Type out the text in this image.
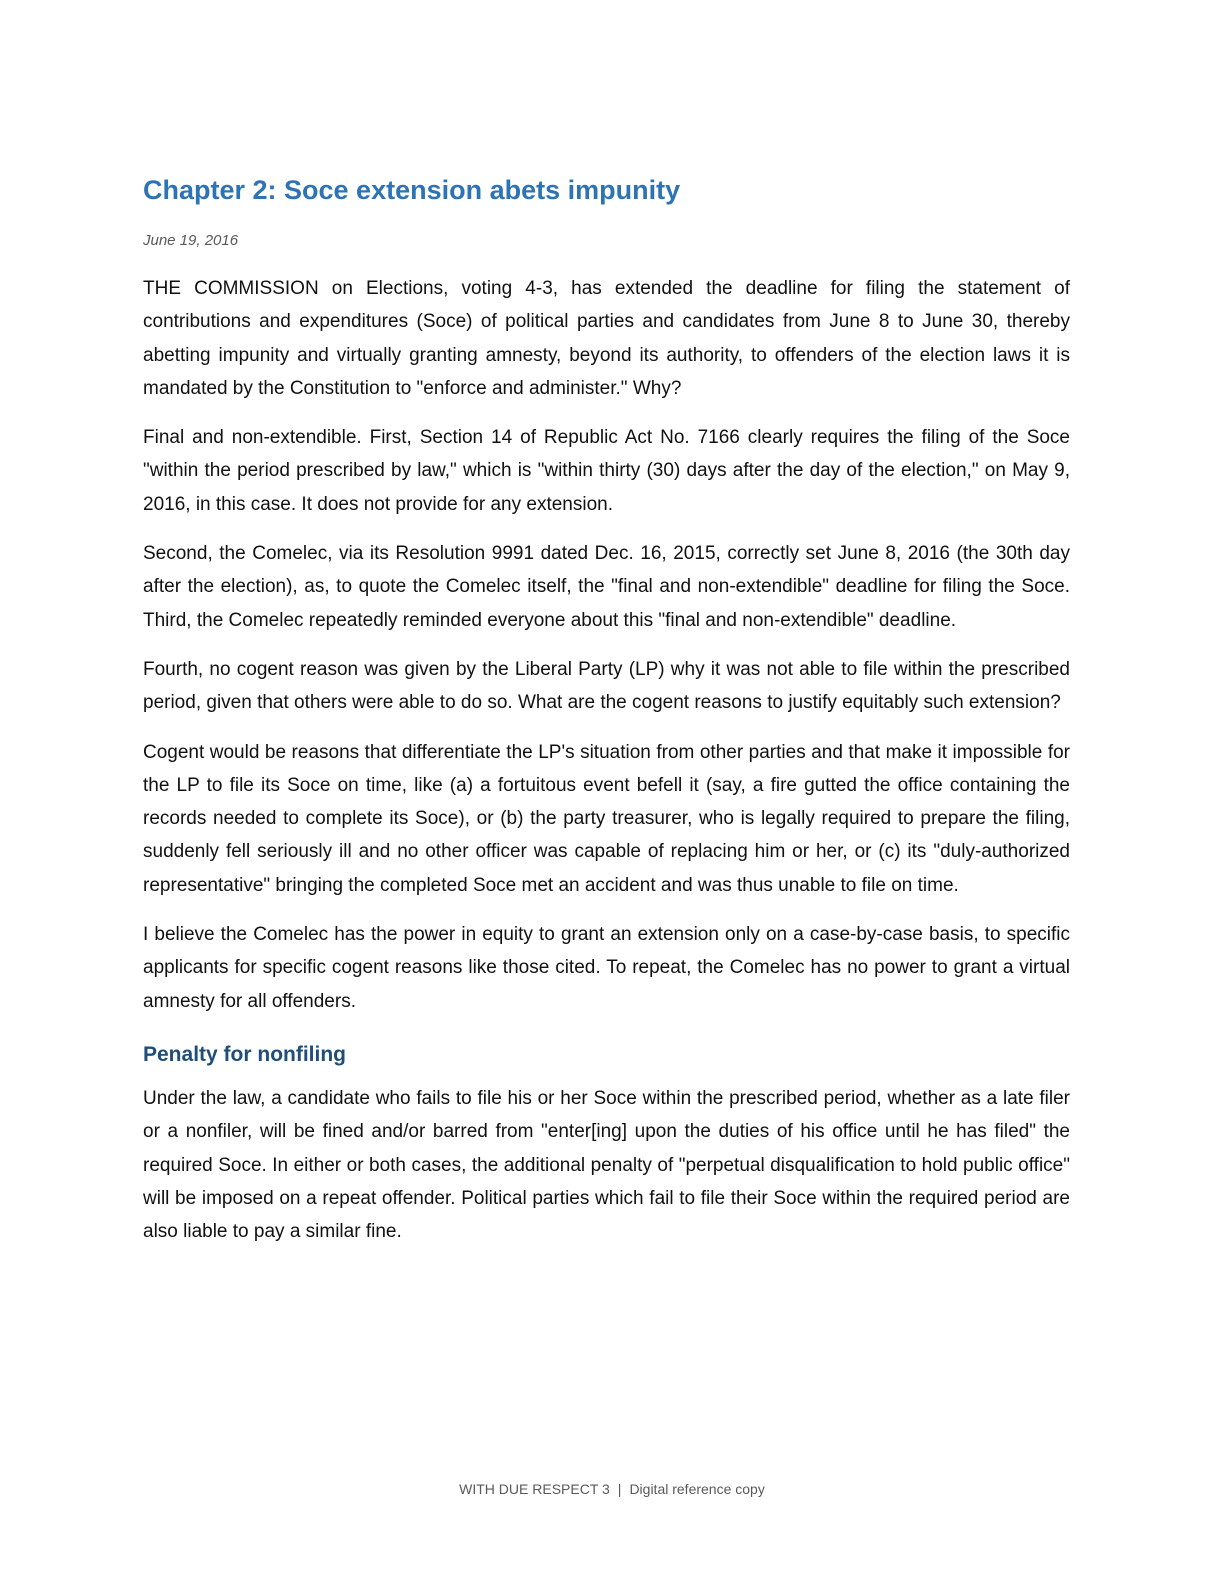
Chapter 2: Soce extension abets impunity
June 19, 2016

THE COMMISSION on Elections, voting 4-3, has extended the deadline for filing the statement of contributions and expenditures (Soce) of political parties and candidates from June 8 to June 30, thereby abetting impunity and virtually granting amnesty, beyond its authority, to offenders of the election laws it is mandated by the Constitution to "enforce and administer." Why?

Final and non-extendible. First, Section 14 of Republic Act No. 7166 clearly requires the filing of the Soce "within the period prescribed by law," which is "within thirty (30) days after the day of the election," on May 9, 2016, in this case. It does not provide for any extension.

Second, the Comelec, via its Resolution 9991 dated Dec. 16, 2015, correctly set June 8, 2016 (the 30th day after the election), as, to quote the Comelec itself, the "final and non-extendible" deadline for filing the Soce. Third, the Comelec repeatedly reminded everyone about this "final and non-extendible" deadline.

Fourth, no cogent reason was given by the Liberal Party (LP) why it was not able to file within the prescribed period, given that others were able to do so. What are the cogent reasons to justify equitably such extension?

Cogent would be reasons that differentiate the LP's situation from other parties and that make it impossible for the LP to file its Soce on time, like (a) a fortuitous event befell it (say, a fire gutted the office containing the records needed to complete its Soce), or (b) the party treasurer, who is legally required to prepare the filing, suddenly fell seriously ill and no other officer was capable of replacing him or her, or (c) its "duly-authorized representative" bringing the completed Soce met an accident and was thus unable to file on time.

I believe the Comelec has the power in equity to grant an extension only on a case-by-case basis, to specific applicants for specific cogent reasons like those cited. To repeat, the Comelec has no power to grant a virtual amnesty for all offenders.

Penalty for nonfiling

Under the law, a candidate who fails to file his or her Soce within the prescribed period, whether as a late filer or a nonfiler, will be fined and/or barred from "enter[ing] upon the duties of his office until he has filed" the required Soce. In either or both cases, the additional penalty of "perpetual disqualification to hold public office" will be imposed on a repeat offender. Political parties which fail to file their Soce within the required period are also liable to pay a similar fine.

WITH DUE RESPECT 3 | Digital reference copy
